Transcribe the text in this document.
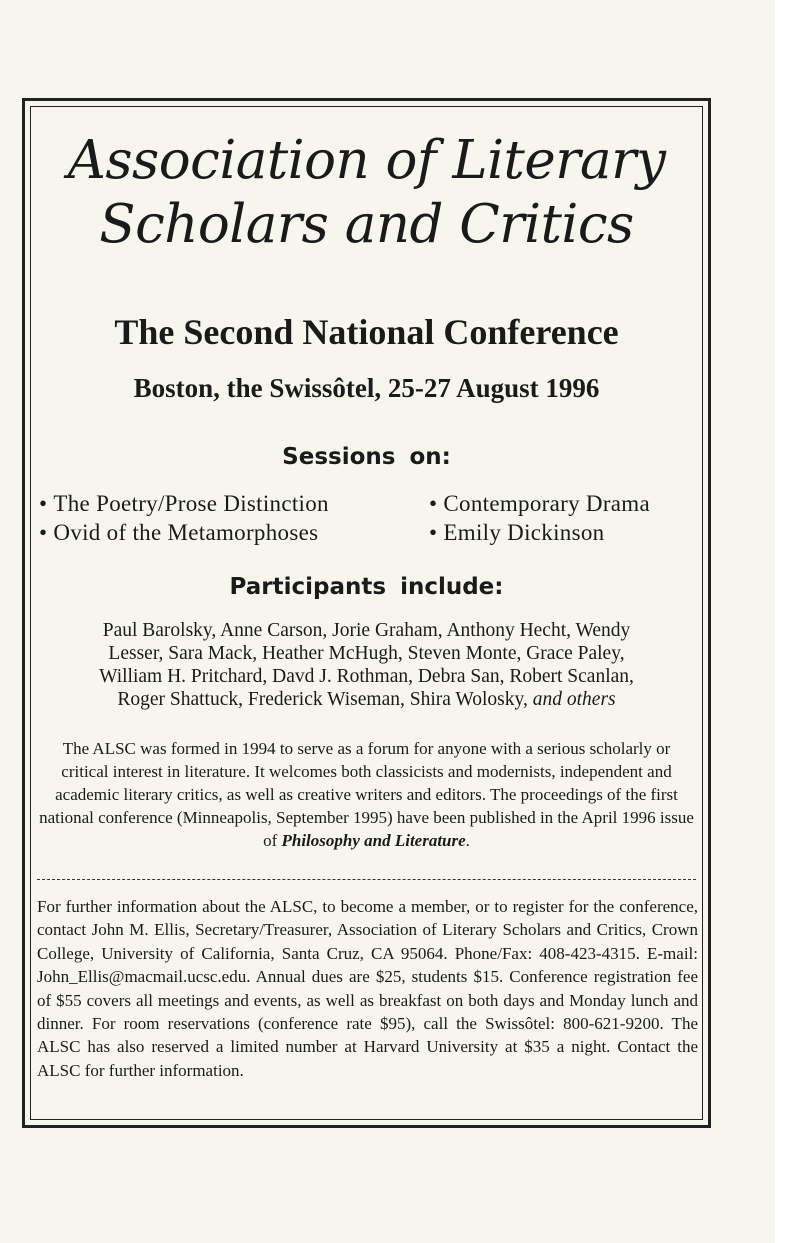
Association of Literary
Scholars and Critics
The Second National Conference
Boston, the Swissôtel, 25-27 August 1996
Sessions on:
• The Poetry/Prose Distinction	• Contemporary Drama
• Ovid of the Metamorphoses	• Emily Dickinson
Participants include:
Paul Barolsky, Anne Carson, Jorie Graham, Anthony Hecht, Wendy
Lesser, Sara Mack, Heather McHugh, Steven Monte, Grace Paley,
William H. Pritchard, Davd J. Rothman, Debra San, Robert Scanlan,
Roger Shattuck, Frederick Wiseman, Shira Wolosky, and others
The ALSC was formed in 1994 to serve as a forum for anyone with a serious scholarly or critical interest in literature. It welcomes both classicists and modernists, independent and academic literary critics, as well as creative writers and editors. The proceedings of the first national conference (Minneapolis, September 1995) have been published in the April 1996 issue of Philosophy and Literature.
For further information about the ALSC, to become a member, or to register for the conference, contact John M. Ellis, Secretary/Treasurer, Association of Literary Scholars and Critics, Crown College, University of California, Santa Cruz, CA 95064. Phone/Fax: 408-423-4315. E-mail: John_Ellis@macmail.ucsc.edu. Annual dues are $25, students $15. Conference registration fee of $55 covers all meetings and events, as well as breakfast on both days and Monday lunch and dinner. For room reservations (conference rate $95), call the Swissôtel: 800-621-9200. The ALSC has also reserved a limited number at Harvard University at $35 a night. Contact the ALSC for further information.
